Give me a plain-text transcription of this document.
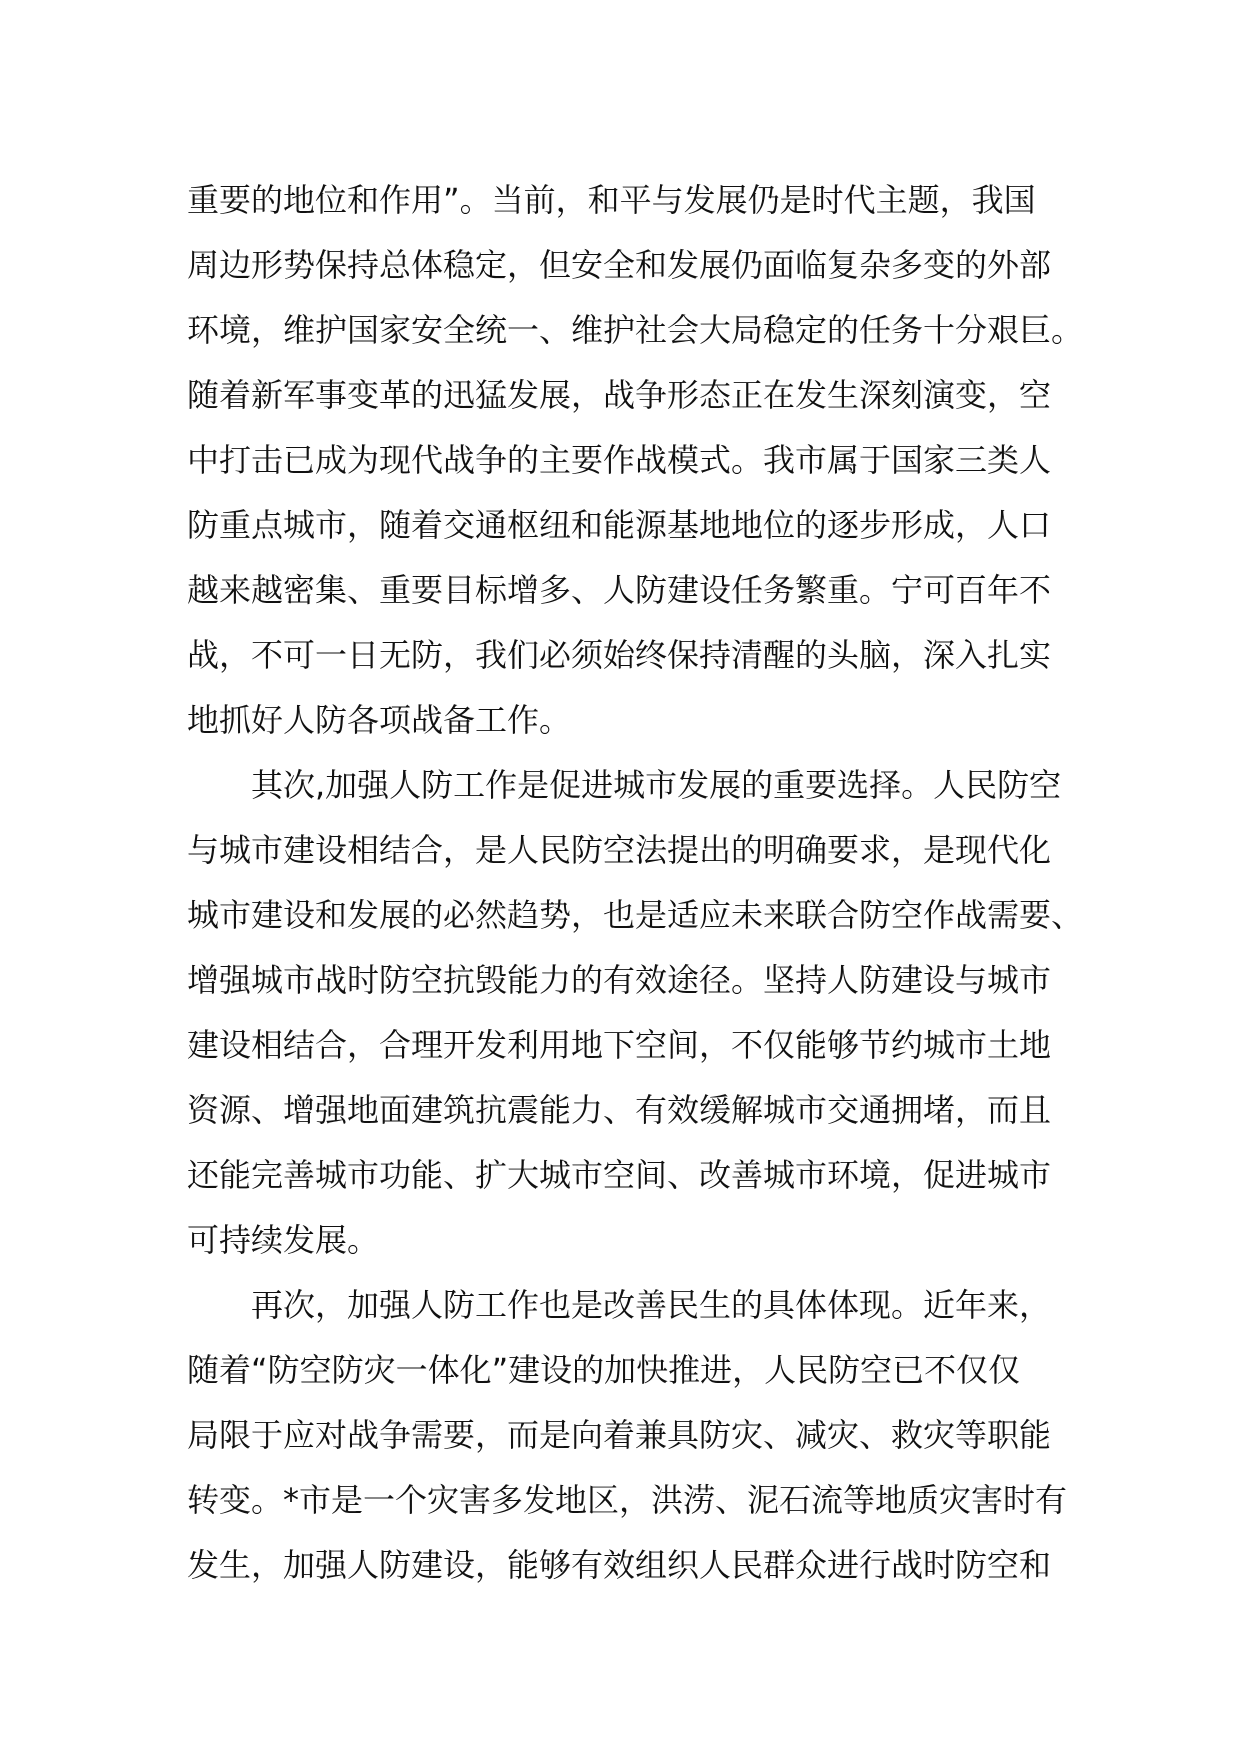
重要的地位和作用”。当前，和平与发展仍是时代主题，我国
周边形势保持总体稳定，但安全和发展仍面临复杂多变的外部
环境，维护国家安全统一、维护社会大局稳定的任务十分艰巨。
随着新军事变革的迅猛发展，战争形态正在发生深刻演变，空
中打击已成为现代战争的主要作战模式。我市属于国家三类人
防重点城市，随着交通枢纽和能源基地地位的逐步形成，人口
越来越密集、重要目标增多、人防建设任务繁重。宁可百年不
战，不可一日无防，我们必须始终保持清醒的头脑，深入扎实
地抓好人防各项战备工作。
其次,加强人防工作是促进城市发展的重要选择。人民防空
与城市建设相结合，是人民防空法提出的明确要求，是现代化
城市建设和发展的必然趋势，也是适应未来联合防空作战需要、
增强城市战时防空抗毁能力的有效途径。坚持人防建设与城市
建设相结合，合理开发利用地下空间，不仅能够节约城市土地
资源、增强地面建筑抗震能力、有效缓解城市交通拥堵，而且
还能完善城市功能、扩大城市空间、改善城市环境，促进城市
可持续发展。
再次，加强人防工作也是改善民生的具体体现。近年来，
随着“防空防灾一体化”建设的加快推进，人民防空已不仅仅
局限于应对战争需要，而是向着兼具防灾、减灾、救灾等职能
转变。*市是一个灾害多发地区，洪涝、泥石流等地质灾害时有
发生，加强人防建设，能够有效组织人民群众进行战时防空和
